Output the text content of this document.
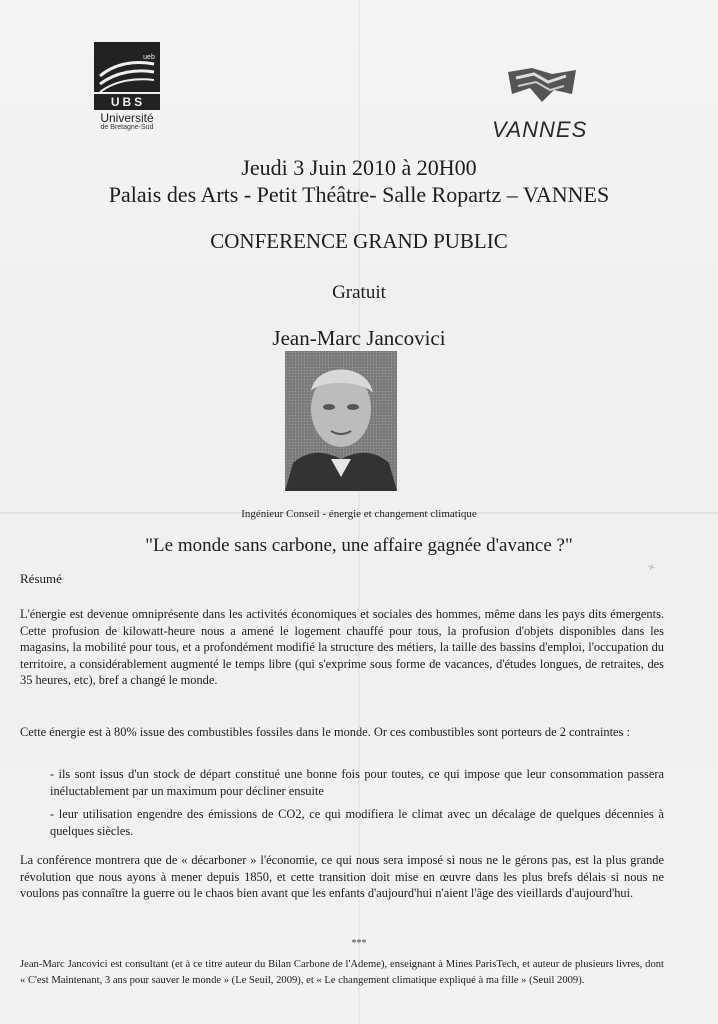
UBS
ueb
Université
de Bretagne-Sud	VANNES
Jeudi 3 Juin 2010 à 20H00
Palais des Arts - Petit Théâtre- Salle Ropartz – VANNES
CONFERENCE GRAND PUBLIC
Gratuit
Jean-Marc Jancovici
Ingénieur Conseil - énergie et changement climatique
"Le monde sans carbone, une affaire gagnée d'avance ?"
✕
Résumé
L'énergie est devenue omniprésente dans les activités économiques et sociales des hommes, même dans les pays dits émergents. Cette profusion de kilowatt-heure nous a amené le logement chauffé pour tous, la profusion d'objets disponibles dans les magasins, la mobilité pour tous, et a profondément modifié la structure des métiers, la taille des bassins d'emploi, l'occupation du territoire, a considérablement augmenté le temps libre (qui s'exprime sous forme de vacances, d'études longues, de retraites, des 35 heures, etc), bref a changé le monde.
Cette énergie est à 80% issue des combustibles fossiles dans le monde. Or ces combustibles sont porteurs de 2 contraintes :
- ils sont issus d'un stock de départ constitué une bonne fois pour toutes, ce qui impose que leur consommation passera inéluctablement par un maximum pour décliner ensuite
- leur utilisation engendre des émissions de CO2, ce qui modifiera le climat avec un décalage de quelques décennies à quelques siècles.
La conférence montrera que de « décarboner » l'économie, ce qui nous sera imposé si nous ne le gérons pas, est la plus grande révolution que nous ayons à mener depuis 1850, et cette transition doit mise en œuvre dans les plus brefs délais si nous ne voulons pas connaître la guerre ou le chaos bien avant que les enfants d'aujourd'hui n'aient l'âge des vieillards d'aujourd'hui.
***
Jean-Marc Jancovici est consultant (et à ce titre auteur du Bilan Carbone de l'Ademe), enseignant à Mines ParisTech, et auteur de plusieurs livres, dont « C'est Maintenant, 3 ans pour sauver le monde » (Le Seuil, 2009), et « Le changement climatique expliqué à ma fille » (Seuil 2009).
